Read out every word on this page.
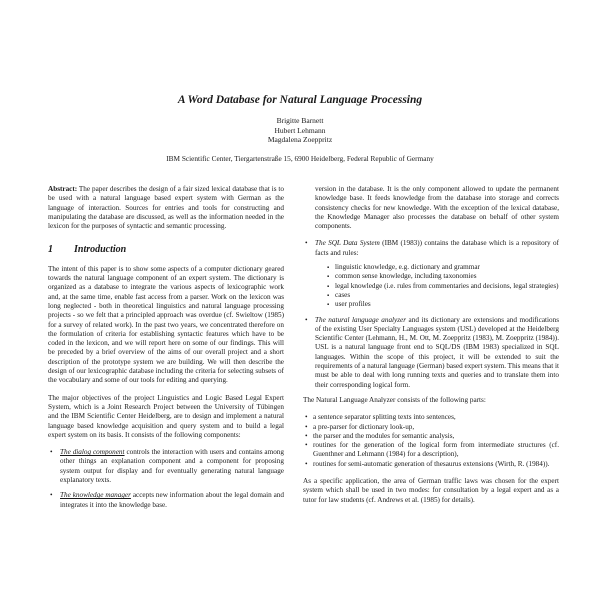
A Word Database for Natural Language Processing
Brigitte Barnett
Hubert Lehmann
Magdalena Zoeppritz
IBM Scientific Center, Tiergartenstraße 15, 6900 Heidelberg, Federal Republic of Germany

Abstract: The paper describes the design of a fair sized lexical database that is to be used with a natural language based expert system with German as the language of interaction. Sources for entries and tools for constructing and manipulating the database are discussed, as well as the information needed in the lexicon for the purposes of syntactic and semantic processing.

1 Introduction

The intent of this paper is to show some aspects of a computer dictionary geared towards the natural language component of an expert system. The dictionary is organized as a database to integrate the various aspects of lexicographic work and, at the same time, enable fast access from a parser. Work on the lexicon was long neglected - both in theoretical linguistics and natural language processing projects - so we felt that a principled approach was overdue (cf. Swieltow (1985) for a survey of related work). In the past two years, we concentrated therefore on the formulation of criteria for establishing syntactic features which have to be coded in the lexicon, and we will report here on some of our findings. This will be preceded by a brief overview of the aims of our overall project and a short description of the prototype system we are building. We will then describe the design of our lexicographic database including the criteria for selecting subsets of the vocabulary and some of our tools for editing and querying.

The major objectives of the project Linguistics and Logic Based Legal Expert System, which is a Joint Research Project between the University of Tübingen and the IBM Scientific Center Heidelberg, are to design and implement a natural language based knowledge acquisition and query system and to build a legal expert system on its basis. It consists of the following components:

• The dialog component controls the interaction with users and contains among other things an explanation component and a component for proposing system output for display and for eventually generating natural language explanatory texts.
• The knowledge manager accepts new information about the legal domain and integrates it into the knowledge base.

version in the database. It is the only component allowed to update the permanent knowledge base. It feeds knowledge from the database into storage and corrects consistency checks for new knowledge. With the exception of the lexical database, the Knowledge Manager also processes the database on behalf of other system components.

• The SQL Data System (IBM (1983)) contains the database which is a repository of facts and rules:
▪ linguistic knowledge, e.g. dictionary and grammar
▪ common sense knowledge, including taxonomies
▪ legal knowledge (i.e. rules from commentaries and decisions, legal strategies)
▪ cases
▪ user profiles
• The natural language analyzer and its dictionary are extensions and modifications of the existing User Specialty Languages system (USL) developed at the Heidelberg Scientific Center (Lehmann, H., M. Ott, M. Zoeppritz (1983), M. Zoeppritz (1984)). USL is a natural language front end to SQL/DS (IBM 1983) specialized in SQL languages. Within the scope of this project, it will be extended to suit the requirements of a natural language (German) based expert system. This means that it must be able to deal with long running texts and queries and to translate them into their corresponding logical form.

The Natural Language Analyzer consists of the following parts:

• a sentence separator splitting texts into sentences,
• a pre-parser for dictionary look-up,
• the parser and the modules for semantic analysis,
• routines for the generation of the logical form from intermediate structures (cf. Guenthner and Lehmann (1984) for a description),
• routines for semi-automatic generation of thesaurus extensions (Wirth, R. (1984)).

As a specific application, the area of German traffic laws was chosen for the expert system which shall be used in two modes: for consultation by a legal expert and as a tutor for law students (cf. Andrews et al. (1985) for details).
